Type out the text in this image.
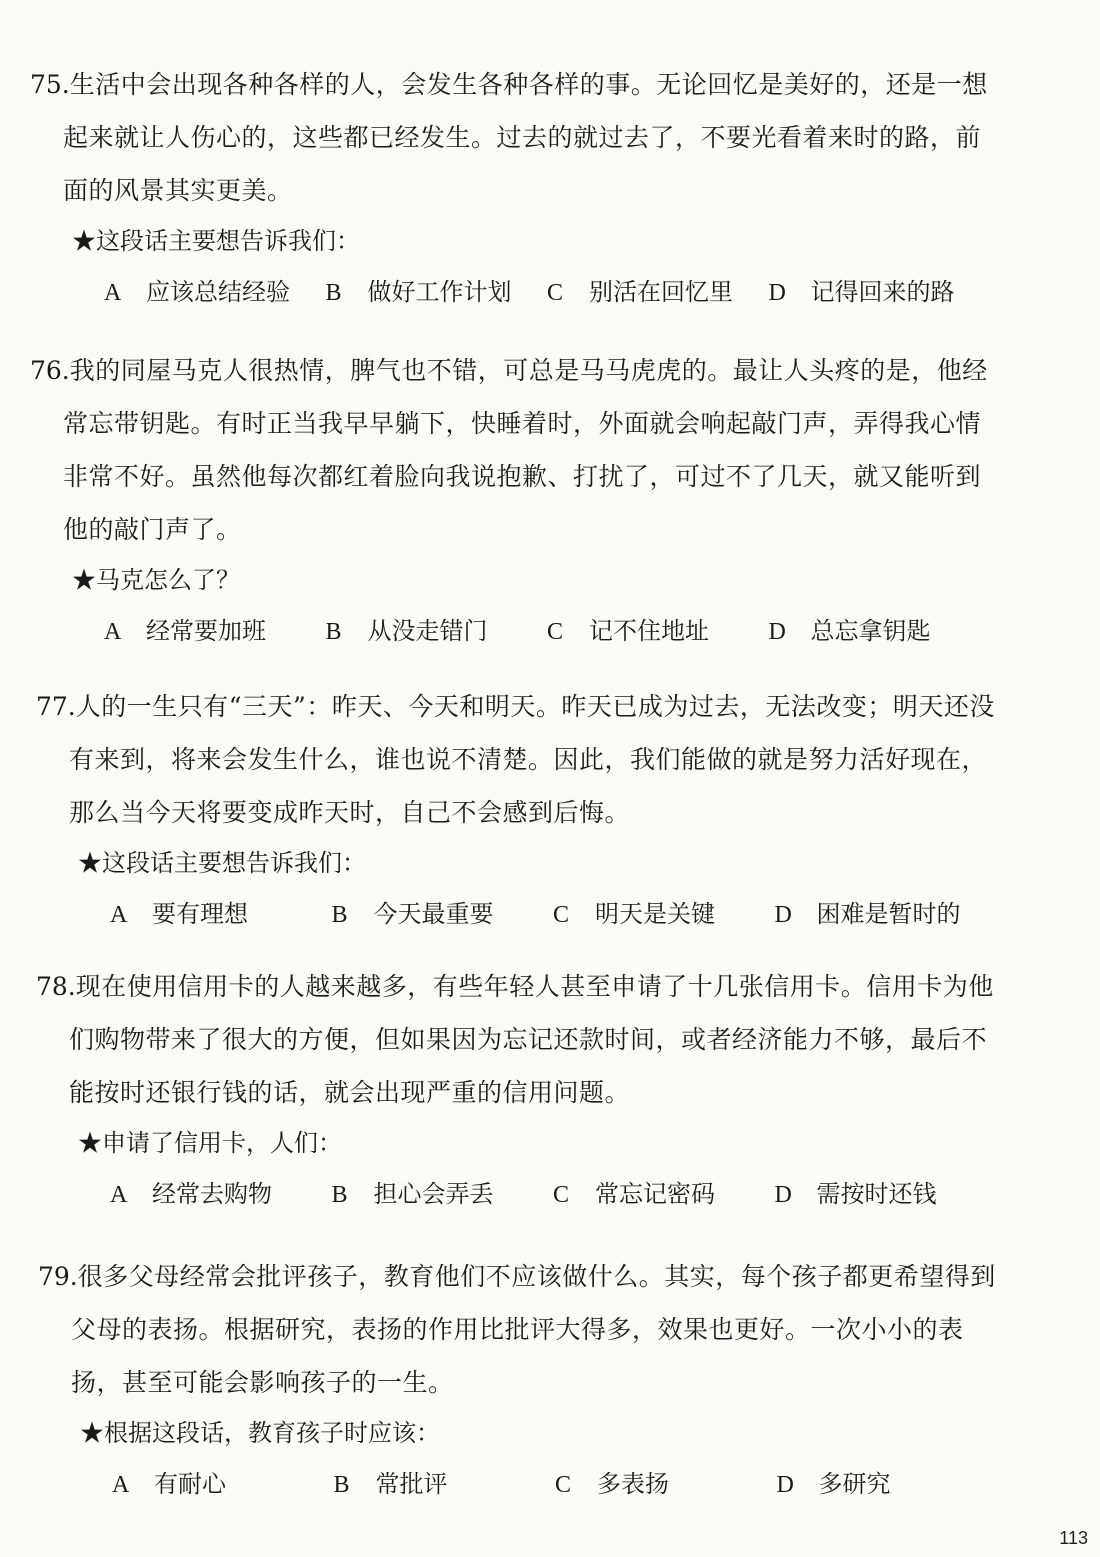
75.生活中会出现各种各样的人，会发生各种各样的事。无论回忆是美好的，还是一想起来就让人伤心的，这些都已经发生。过去的就过去了，不要光看着来时的路，前面的风景其实更美。

★这段话主要想告诉我们：

A 应该总结经验	B 做好工作计划	C 别活在回忆里	D 记得回来的路

76.我的同屋马克人很热情，脾气也不错，可总是马马虎虎的。最让人头疼的是，他经常忘带钥匙。有时正当我早早躺下，快睡着时，外面就会响起敲门声，弄得我心情非常不好。虽然他每次都红着脸向我说抱歉、打扰了，可过不了几天，就又能听到他的敲门声了。

★马克怎么了？

A 经常要加班	B 从没走错门	C 记不住地址	D 总忘拿钥匙

77.人的一生只有“三天”：昨天、今天和明天。昨天已成为过去，无法改变；明天还没有来到，将来会发生什么，谁也说不清楚。因此，我们能做的就是努力活好现在，那么当今天将要变成昨天时，自己不会感到后悔。

★这段话主要想告诉我们：

A 要有理想	B 今天最重要	C 明天是关键	D 困难是暂时的

78.现在使用信用卡的人越来越多，有些年轻人甚至申请了十几张信用卡。信用卡为他们购物带来了很大的方便，但如果因为忘记还款时间，或者经济能力不够，最后不能按时还银行钱的话，就会出现严重的信用问题。

★申请了信用卡，人们：

A 经常去购物	B 担心会弄丢	C 常忘记密码	D 需按时还钱

79.很多父母经常会批评孩子，教育他们不应该做什么。其实，每个孩子都更希望得到父母的表扬。根据研究，表扬的作用比批评大得多，效果也更好。一次小小的表扬，甚至可能会影响孩子的一生。

★根据这段话，教育孩子时应该：

A 有耐心	B 常批评	C 多表扬	D 多研究
113
